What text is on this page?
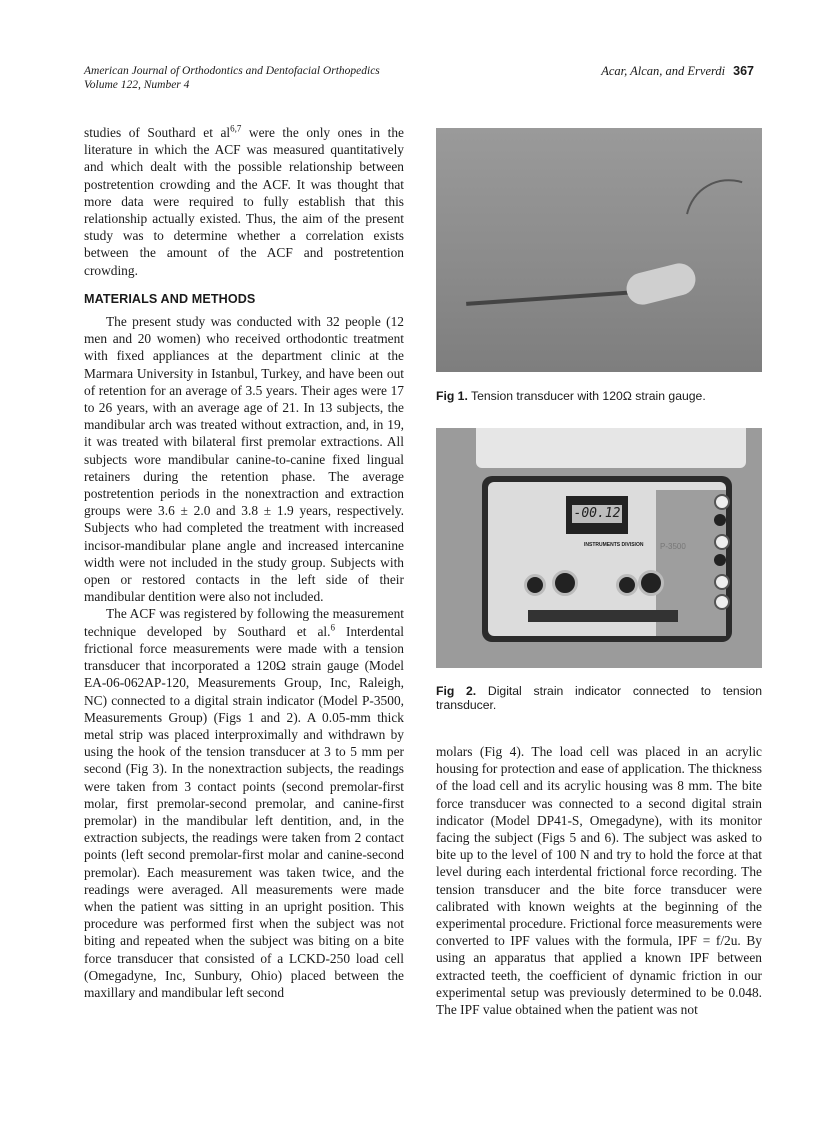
American Journal of Orthodontics and Dentofacial Orthopedics
Volume 122, Number 4
Acar, Alcan, and Erverdi 367

studies of Southard et al$^{6,7}$ were the only ones in the literature in which the ACF was measured quantitatively and which dealt with the possible relationship between postretention crowding and the ACF. It was thought that more data were required to fully establish that this relationship actually existed. Thus, the aim of the present study was to determine whether a correlation exists between the amount of the ACF and postretention crowding.

MATERIALS AND METHODS

The present study was conducted with 32 people (12 men and 20 women) who received orthodontic treatment with fixed appliances at the department clinic at the Marmara University in Istanbul, Turkey, and have been out of retention for an average of 3.5 years. Their ages were 17 to 26 years, with an average age of 21. In 13 subjects, the mandibular arch was treated without extraction, and, in 19, it was treated with bilateral first premolar extractions. All subjects wore mandibular canine-to-canine fixed lingual retainers during the retention phase. The average postretention periods in the nonextraction and extraction groups were 3.6 ± 2.0 and 3.8 ± 1.9 years, respectively. Subjects who had completed the treatment with increased incisor-mandibular plane angle and increased intercanine width were not included in the study group. Subjects with open or restored contacts in the left side of their mandibular dentition were also not included.

The ACF was registered by following the measurement technique developed by Southard et al.$^6$ Interdental frictional force measurements were made with a tension transducer that incorporated a 120Ω strain gauge (Model EA-06-062AP-120, Measurements Group, Inc, Raleigh, NC) connected to a digital strain indicator (Model P-3500, Measurements Group) (Figs 1 and 2). A 0.05-mm thick metal strip was placed interproximally and withdrawn by using the hook of the tension transducer at 3 to 5 mm per second (Fig 3). In the nonextraction subjects, the readings were taken from 3 contact points (second premolar-first molar, first premolar-second premolar, and canine-first premolar) in the mandibular left dentition, and, in the extraction subjects, the readings were taken from 2 contact points (left second premolar-first molar and canine-second premolar). Each measurement was taken twice, and the readings were averaged. All measurements were made when the patient was sitting in an upright position. This procedure was performed first when the subject was not biting and repeated when the subject was biting on a bite force transducer that consisted of a LCKD-250 load cell (Omegadyne, Inc, Sunbury, Ohio) placed between the maxillary and mandibular left second

Fig 1. Tension transducer with 120Ω strain gauge.
-00.12
INSTRUMENTS DIVISION P-3500
Fig 2. Digital strain indicator connected to tension transducer.

molars (Fig 4). The load cell was placed in an acrylic housing for protection and ease of application. The thickness of the load cell and its acrylic housing was 8 mm. The bite force transducer was connected to a second digital strain indicator (Model DP41-S, Omegadyne), with its monitor facing the subject (Figs 5 and 6). The subject was asked to bite up to the level of 100 N and try to hold the force at that level during each interdental frictional force recording. The tension transducer and the bite force transducer were calibrated with known weights at the beginning of the experimental procedure. Frictional force measurements were converted to IPF values with the formula, IPF = f/2u. By using an apparatus that applied a known IPF between extracted teeth, the coefficient of dynamic friction in our experimental setup was previously determined to be 0.048. The IPF value obtained when the patient was not
